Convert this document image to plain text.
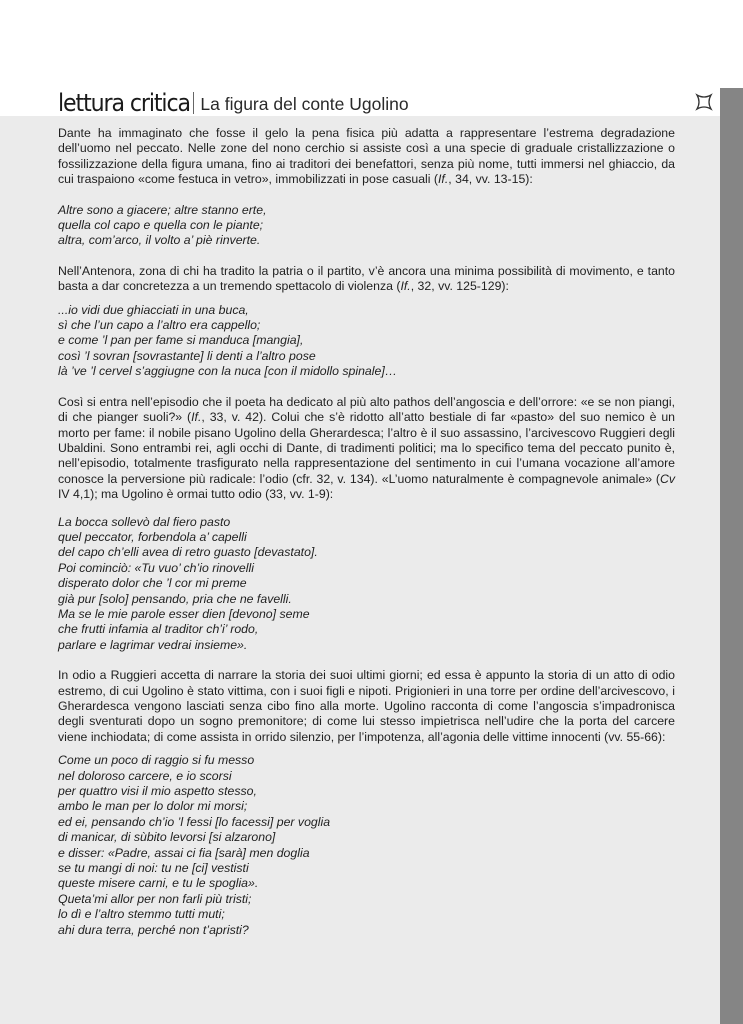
lettura critica La figura del conte Ugolino

Dante ha immaginato che fosse il gelo la pena fisica più adatta a rappresentare l’estrema degradazione dell’uomo nel peccato. Nelle zone del nono cerchio si assiste così a una specie di graduale cristallizzazione o fossilizzazione della figura umana, fino ai traditori dei benefattori, senza più nome, tutti immersi nel ghiaccio, da cui traspaiono «come festuca in vetro», immobilizzati in pose casuali (If., 34, vv. 13-15):

Altre sono a giacere; altre stanno erte,
quella col capo e quella con le piante;
altra, com’arco, il volto a’ piè rinverte.

Nell’Antenora, zona di chi ha tradito la patria o il partito, v’è ancora una minima possibilità di movimento, e tanto basta a dar concretezza a un tremendo spettacolo di violenza (If., 32, vv. 125-129):

...io vidi due ghiacciati in una buca,
sì che l’un capo a l’altro era cappello;
e come ’l pan per fame si manduca [mangia],
così ’l sovran [sovrastante] li denti a l’altro pose
là ’ve ’l cervel s’aggiugne con la nuca [con il midollo spinale]…

Così si entra nell’episodio che il poeta ha dedicato al più alto pathos dell’angoscia e dell’orrore: «e se non piangi, di che pianger suoli?» (If., 33, v. 42). Colui che s’è ridotto all’atto bestiale di far «pasto» del suo nemico è un morto per fame: il nobile pisano Ugolino della Gherardesca; l’altro è il suo assassino, l’arcivescovo Ruggieri degli Ubaldini. Sono entrambi rei, agli occhi di Dante, di tradimenti politici; ma lo specifico tema del peccato punito è, nell’episodio, totalmente trasfigurato nella rappresentazione del sentimento in cui l’umana vocazione all’amore conosce la perversione più radicale: l’odio (cfr. 32, v. 134). «L’uomo naturalmente è compagnevole animale» (Cv IV 4,1); ma Ugolino è ormai tutto odio (33, vv. 1-9):

La bocca sollevò dal fiero pasto
quel peccator, forbendola a’ capelli
del capo ch’elli avea di retro guasto [devastato].
Poi cominciò: «Tu vuo’ ch’io rinovelli
disperato dolor che ’l cor mi preme
già pur [solo] pensando, pria che ne favelli.
Ma se le mie parole esser dien [devono] seme
che frutti infamia al traditor ch’i’ rodo,
parlare e lagrimar vedrai insieme».

In odio a Ruggieri accetta di narrare la storia dei suoi ultimi giorni; ed essa è appunto la storia di un atto di odio estremo, di cui Ugolino è stato vittima, con i suoi figli e nipoti. Prigionieri in una torre per ordine dell’arcivescovo, i Gherardesca vengono lasciati senza cibo fino alla morte. Ugolino racconta di come l’angoscia s’impadronisca degli sventurati dopo un sogno premonitore; di come lui stesso impietrisca nell’udire che la porta del carcere viene inchiodata; di come assista in orrido silenzio, per l’impotenza, all’agonia delle vittime innocenti (vv. 55-66):

Come un poco di raggio si fu messo
nel doloroso carcere, e io scorsi
per quattro visi il mio aspetto stesso,
ambo le man per lo dolor mi morsi;
ed ei, pensando ch’io ’l fessi [lo facessi] per voglia
di manicar, di sùbito levorsi [si alzarono]
e disser: «Padre, assai ci fia [sarà] men doglia
se tu mangi di noi: tu ne [ci] vestisti
queste misere carni, e tu le spoglia».
Queta’mi allor per non farli più tristi;
lo dì e l’altro stemmo tutti muti;
ahi dura terra, perché non t’apristi?
